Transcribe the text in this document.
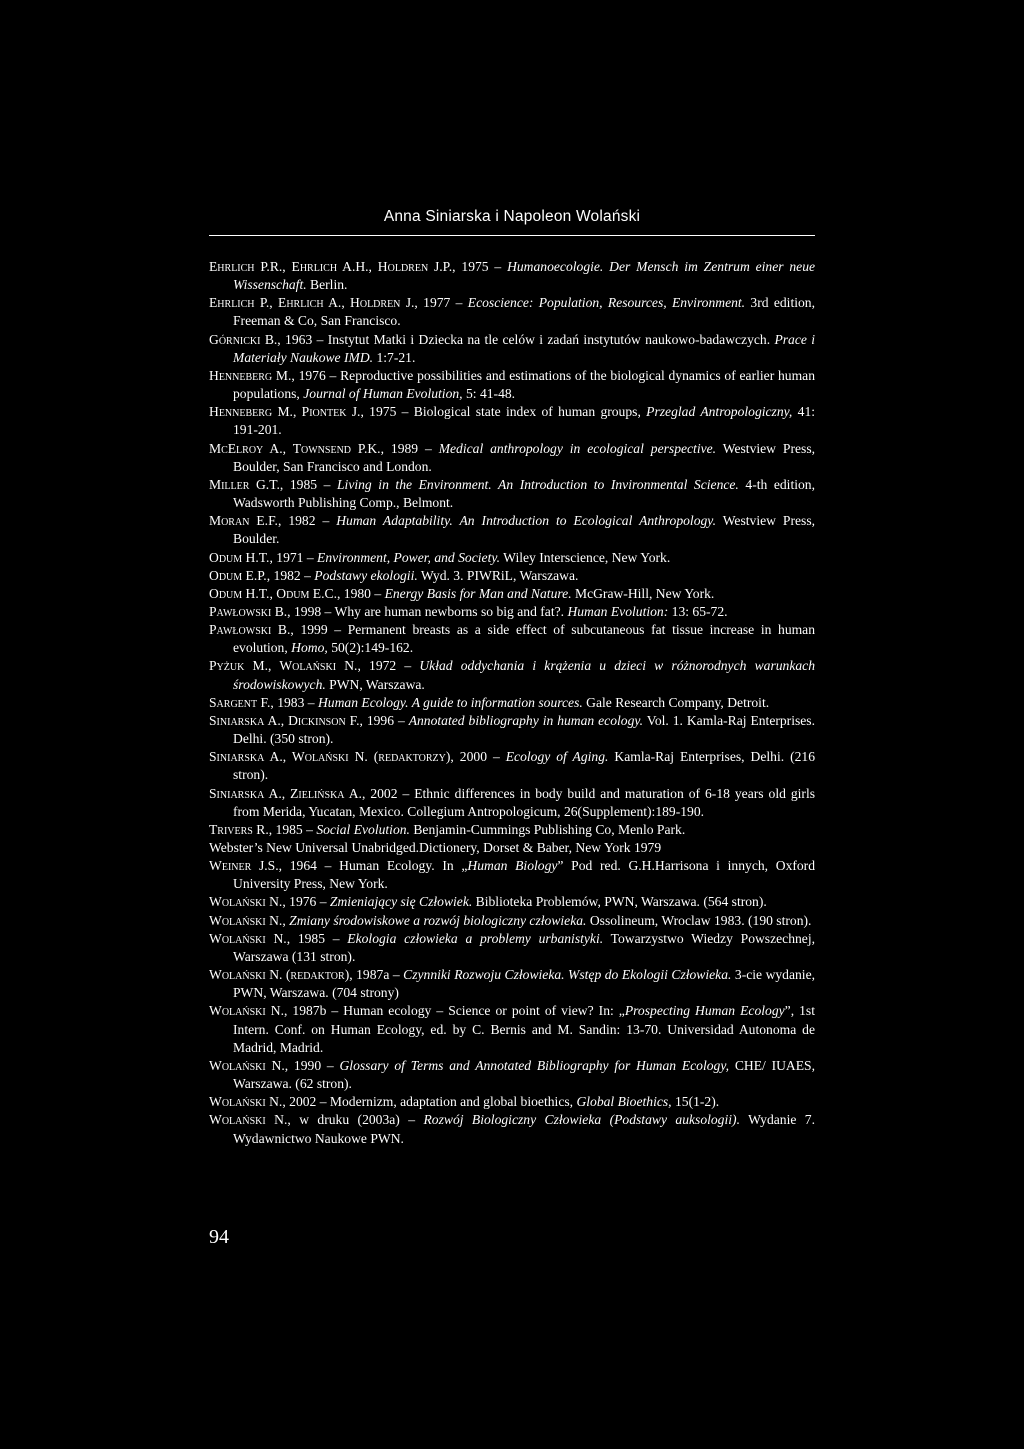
Anna Siniarska i Napoleon Wolański

Ehrlich P.R., Ehrlich A.H., Holdren J.P., 1975 – Humanoecologie. Der Mensch im Zentrum einer neue Wissenschaft. Berlin.

Ehrlich P., Ehrlich A., Holdren J., 1977 – Ecoscience: Population, Resources, Environment. 3rd edition, Freeman & Co, San Francisco.

Górnicki B., 1963 – Instytut Matki i Dziecka na tle celów i zadań instytutów naukowo-badawczych. Prace i Materiały Naukowe IMD. 1:7-21.

Henneberg M., 1976 – Reproductive possibilities and estimations of the biological dynamics of earlier human populations, Journal of Human Evolution, 5: 41-48.

Henneberg M., Piontek J., 1975 – Biological state index of human groups, Przeglad Antropologiczny, 41: 191-201.

McElroy A., Townsend P.K., 1989 – Medical anthropology in ecological perspective. Westview Press, Boulder, San Francisco and London.

Miller G.T., 1985 – Living in the Environment. An Introduction to Invironmental Science. 4-th edition, Wadsworth Publishing Comp., Belmont.

Moran E.F., 1982 – Human Adaptability. An Introduction to Ecological Anthropology. Westview Press, Boulder.

Odum H.T., 1971 – Environment, Power, and Society. Wiley Interscience, New York.

Odum E.P., 1982 – Podstawy ekologii. Wyd. 3. PIWRiL, Warszawa.

Odum H.T., Odum E.C., 1980 – Energy Basis for Man and Nature. McGraw-Hill, New York.

Pawłowski B., 1998 – Why are human newborns so big and fat?. Human Evolution: 13: 65-72.

Pawłowski B., 1999 – Permanent breasts as a side effect of subcutaneous fat tissue increase in human evolution, Homo, 50(2):149-162.

Pyżuk M., Wolański N., 1972 – Układ oddychania i krążenia u dzieci w różnorodnych warunkach środowiskowych. PWN, Warszawa.

Sargent F., 1983 – Human Ecology. A guide to information sources. Gale Research Company, Detroit.

Siniarska A., Dickinson F., 1996 – Annotated bibliography in human ecology. Vol. 1. Kamla-Raj Enterprises. Delhi. (350 stron).

Siniarska A., Wolański N. (redaktorzy), 2000 – Ecology of Aging. Kamla-Raj Enterprises, Delhi. (216 stron).

Siniarska A., Zielińska A., 2002 – Ethnic differences in body build and maturation of 6-18 years old girls from Merida, Yucatan, Mexico. Collegium Antropologicum, 26(Supplement):189-190.

Trivers R., 1985 – Social Evolution. Benjamin-Cummings Publishing Co, Menlo Park.

Webster’s New Universal Unabridged.Dictionery, Dorset & Baber, New York 1979

Weiner J.S., 1964 – Human Ecology. In „Human Biology” Pod red. G.H.Harrisona i innych, Oxford University Press, New York.

Wolański N., 1976 – Zmieniający się Człowiek. Biblioteka Problemów, PWN, Warszawa. (564 stron).

Wolański N., Zmiany środowiskowe a rozwój biologiczny człowieka. Ossolineum, Wroclaw 1983. (190 stron).

Wolański N., 1985 – Ekologia człowieka a problemy urbanistyki. Towarzystwo Wiedzy Powszechnej, Warszawa (131 stron).

Wolański N. (redaktor), 1987a – Czynniki Rozwoju Człowieka. Wstęp do Ekologii Człowieka. 3-cie wydanie, PWN, Warszawa. (704 strony)

Wolański N., 1987b – Human ecology – Science or point of view? In: „Prospecting Human Ecology”, 1st Intern. Conf. on Human Ecology, ed. by C. Bernis and M. Sandin: 13-70. Universidad Autonoma de Madrid, Madrid.

Wolański N., 1990 – Glossary of Terms and Annotated Bibliography for Human Ecology, CHE/ IUAES, Warszawa. (62 stron).

Wolański N., 2002 – Modernizm, adaptation and global bioethics, Global Bioethics, 15(1-2).

Wolański N., w druku (2003a) – Rozwój Biologiczny Człowieka (Podstawy auksologii). Wydanie 7. Wydawnictwo Naukowe PWN.

94
